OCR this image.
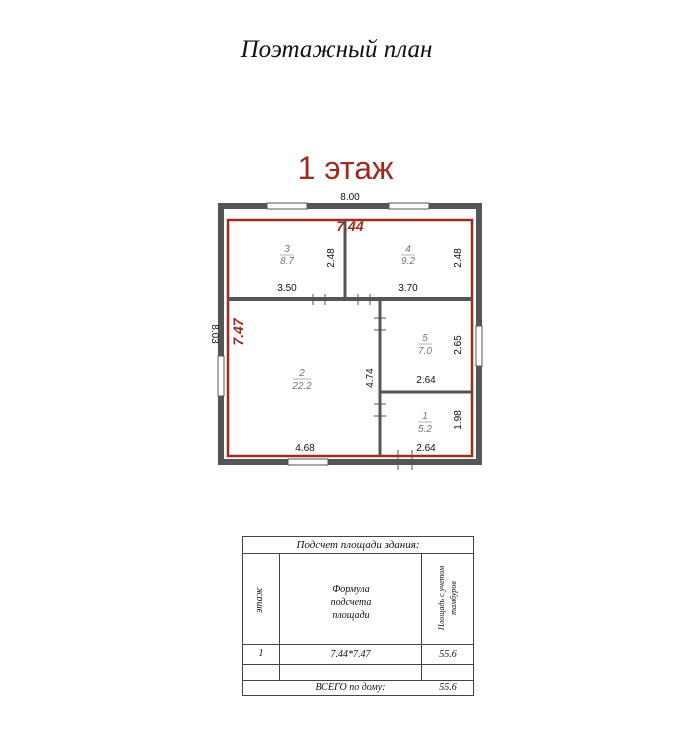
Поэтажный план
1 этаж
8.00
8.03
7.44
7.47
3.50
2.48
3
8.7
3.70
2.48
4
9.2
4.68
4.74
2
22.2
2.64
2.65
5
7.0
2.64
1.98
1
5.2
Подсчет площади здания:
этаж	Формула подсчета площади	Площадь с учетом тамбуров
1	7.44*7.47	55.6
ВСЕГО по дому:	55.6
